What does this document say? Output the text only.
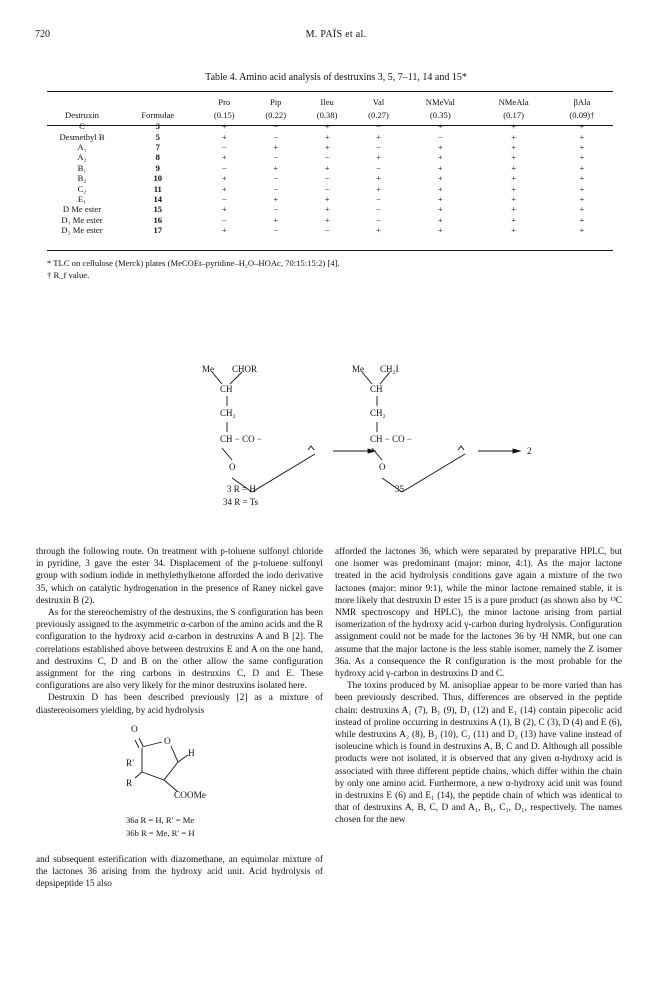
720	M. PAÏS et al.
Table 4. Amino acid analysis of destruxins 3, 5, 7–11, 14 and 15*
		Pro	Pip	Ileu	Val	NMeVal	NMeAla	βAla
Destruxin	Formulae	(0.15)	(0.22)	(0.38)	(0.27)	(0.35)	(0.17)	(0.09)†
C	3	+	−	+	−	+	+	+
Desmethyl B	5	+	−	+	+	−	+	+
A₁	7	−	+	+	−	+	+	+
A₂	8	+	−	−	+	+	+	+
B₁	9	−	+	+	−	+	+	+
B₂	10	+	−	−	+	+	+	+
C₂	11	+	−	−	+	+	+	+
E₁	14	−	+	+	−	+	+	+
D Me ester	15	+	−	+	−	+	+	+
D₁ Me ester	16	−	+	+	−	+	+	+
D₂ Me ester	17	+	−	−	+	+	+	+
* TLC on cellulose (Merck) plates (MeCOEt–pyridine–H₂O–HOAc, 70:15:15:2) [4].
† R_f value.
Me CHOR
CH
CH₂
CH − CO −
O
3 R = H
34 R = Ts
Me CH₂I
CH
CH₂
CH − CO −
O
35
2

through the following route. On treatment with p-toluene sulfonyl chloride in pyridine, 3 gave the ester 34. Displacement of the p-toluene sulfonyl group with sodium iodide in methylethylketone afforded the iodo derivative 35, which on catalytic hydrogenation in the presence of Raney nickel gave destruxin B (2).

As for the stereochemistry of the destruxins, the S configuration has been previously assigned to the asymmetric α-carbon of the amino acids and the R configuration to the hydroxy acid α-carbon in destruxins A and B [2]. The correlations established above between destruxins E and A on the one hand, and destruxins C, D and B on the other allow the same configuration assignment for the ring carbons in destruxins C, D and E. These configurations are also very likely for the minor destruxins isolated here.

Destruxin D has been described previously [2] as a mixture of diastereoisomers yielding, by acid hydrolysis

O
O
R′
H
R
COOMe
36a R = H, R′ = Me
36b R = Me, R′ = H

and subsequent esterification with diazomethane, an equimolar mixture of the lactones 36 arising from the hydroxy acid unit. Acid hydrolysis of depsipeptide 15 also

afforded the lactones 36, which were separated by preparative HPLC, but one isomer was predominant (major: minor, 4:1). As the major lactone treated in the acid hydrolysis conditions gave again a mixture of the two lactones (major: minor 9:1), while the minor lactone remained stable, it is more likely that destruxin D ester 15 is a pure product (as shown also by ¹³C NMR spectroscopy and HPLC), the minor lactone arising from partial isomerization of the hydroxy acid γ-carbon during hydrolysis. Configuration assignment could not be made for the lactones 36 by ¹H NMR, but one can assume that the major lactone is the less stable isomer, namely the Z isomer 36a. As a consequence the R configuration is the most probable for the hydroxy acid γ-carbon in destruxins D and C.

The toxins produced by M. anisopliae appear to be more varied than has been previously described. Thus, differences are observed in the peptide chain: destruxins A₁ (7), B₁ (9), D₁ (12) and E₁ (14) contain pipecolic acid instead of proline occurring in destruxins A (1), B (2), C (3), D (4) and E (6), while destruxins A₂ (8), B₂ (10), C₂ (11) and D₂ (13) have valine instead of isoleucine which is found in destruxins A, B, C and D. Although all possible products were not isolated, it is observed that any given α-hydroxy acid is associated with three different peptide chains, which differ within the chain by only one amino acid. Furthermore, a new α-hydroxy acid unit was found in destruxins E (6) and E₁ (14), the peptide chain of which was identical to that of destruxins A, B, C, D and A₁, B₁, C₁, D₁, respectively. The names chosen for the new
